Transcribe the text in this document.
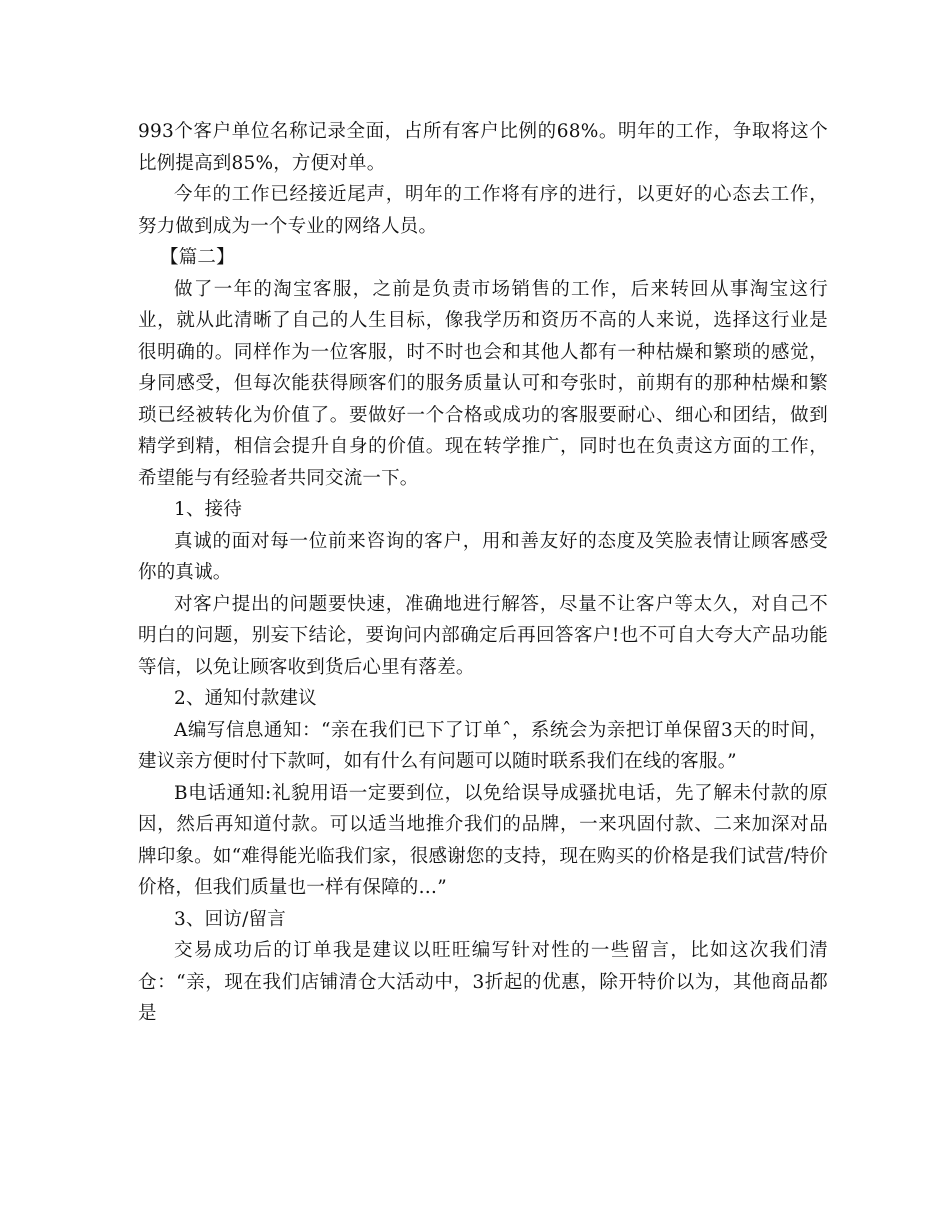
993个客户单位名称记录全面，占所有客户比例的68%。明年的工作，争取将这个比例提高到85%，方便对单。

今年的工作已经接近尾声，明年的工作将有序的进行，以更好的心态去工作，努力做到成为一个专业的网络人员。

【篇二】

做了一年的淘宝客服，之前是负责市场销售的工作，后来转回从事淘宝这行业，就从此清晰了自己的人生目标，像我学历和资历不高的人来说，选择这行业是很明确的。同样作为一位客服，时不时也会和其他人都有一种枯燥和繁琐的感觉，身同感受，但每次能获得顾客们的服务质量认可和夸张时，前期有的那种枯燥和繁琐已经被转化为价值了。要做好一个合格或成功的客服要耐心、细心和团结，做到精学到精，相信会提升自身的价值。现在转学推广，同时也在负责这方面的工作，希望能与有经验者共同交流一下。

1、接待

真诚的面对每一位前来咨询的客户，用和善友好的态度及笑脸表情让顾客感受你的真诚。

对客户提出的问题要快速，准确地进行解答，尽量不让客户等太久，对自己不明白的问题，别妄下结论，要询问内部确定后再回答客户!也不可自大夸大产品功能等信，以免让顾客收到货后心里有落差。

2、通知付款建议

A编写信息通知：“亲在我们已下了订单ˆ，系统会为亲把订单保留3天的时间，建议亲方便时付下款呵，如有什么有问题可以随时联系我们在线的客服。”

B电话通知:礼貌用语一定要到位，以免给误导成骚扰电话，先了解未付款的原因，然后再知道付款。可以适当地推介我们的品牌，一来巩固付款、二来加深对品牌印象。如“难得能光临我们家，很感谢您的支持，现在购买的价格是我们试营/特价价格，但我们质量也一样有保障的…”

3、回访/留言

交易成功后的订单我是建议以旺旺编写针对性的一些留言，比如这次我们清仓：“亲，现在我们店铺清仓大活动中，3折起的优惠，除开特价以为，其他商品都是
